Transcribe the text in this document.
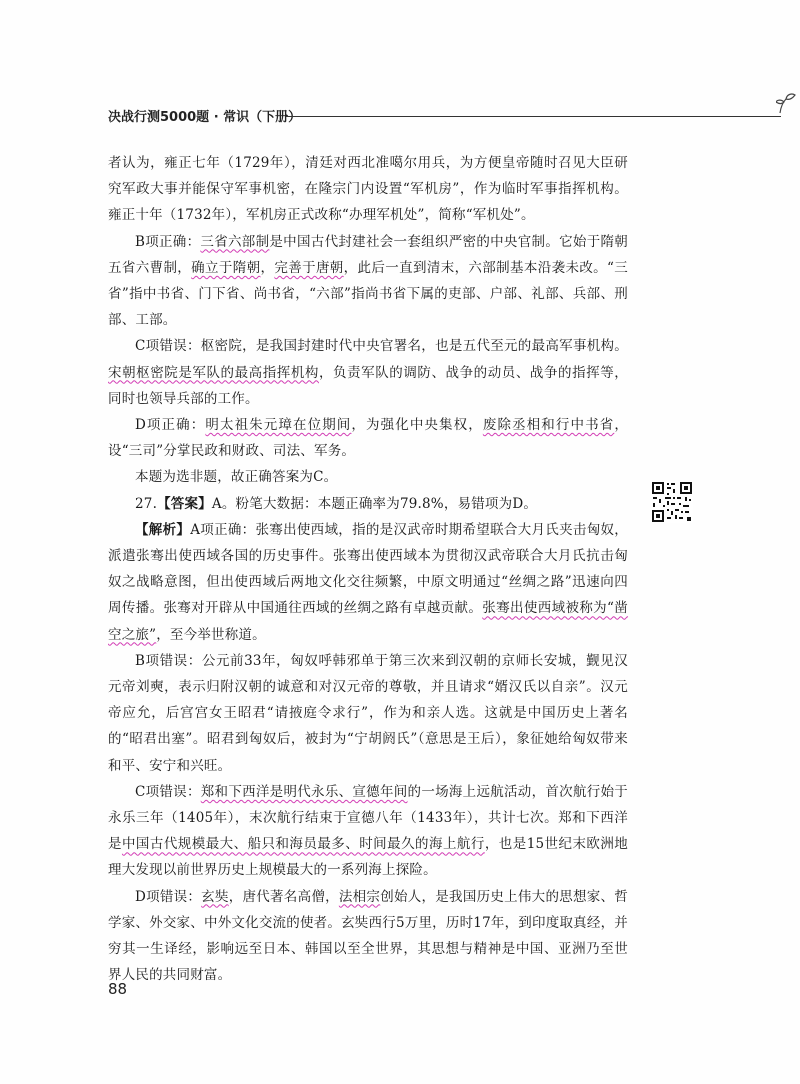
决战行测5000题 · 常识（下册）

者认为，雍正七年（1729年），清廷对西北准噶尔用兵，为方便皇帝随时召见大臣研究军政大事并能保守军事机密，在隆宗门内设置“军机房”，作为临时军事指挥机构。雍正十年（1732年），军机房正式改称“办理军机处”，简称“军机处”。

B项正确：三省六部制是中国古代封建社会一套组织严密的中央官制。它始于隋朝五省六曹制，确立于隋朝，完善于唐朝，此后一直到清末，六部制基本沿袭未改。“三省”指中书省、门下省、尚书省，“六部”指尚书省下属的吏部、户部、礼部、兵部、刑部、工部。

C项错误：枢密院，是我国封建时代中央官署名，也是五代至元的最高军事机构。宋朝枢密院是军队的最高指挥机构，负责军队的调防、战争的动员、战争的指挥等，同时也领导兵部的工作。

D项正确：明太祖朱元璋在位期间，为强化中央集权，废除丞相和行中书省，设“三司”分掌民政和财政、司法、军务。

本题为选非题，故正确答案为C。

27.【答案】A。粉笔大数据：本题正确率为79.8%，易错项为D。

【解析】A项正确：张骞出使西域，指的是汉武帝时期希望联合大月氏夹击匈奴，派遣张骞出使西域各国的历史事件。张骞出使西域本为贯彻汉武帝联合大月氏抗击匈奴之战略意图，但出使西域后两地文化交往频繁，中原文明通过“丝绸之路”迅速向四周传播。张骞对开辟从中国通往西域的丝绸之路有卓越贡献。张骞出使西域被称为“凿空之旅”，至今举世称道。

B项错误：公元前33年，匈奴呼韩邪单于第三次来到汉朝的京师长安城，觐见汉元帝刘奭，表示归附汉朝的诚意和对汉元帝的尊敬，并且请求“婿汉氏以自亲”。汉元帝应允，后宫宫女王昭君“请掖庭令求行”，作为和亲人选。这就是中国历史上著名的“昭君出塞”。昭君到匈奴后，被封为“宁胡阏氏”（意思是王后），象征她给匈奴带来和平、安宁和兴旺。

C项错误：郑和下西洋是明代永乐、宣德年间的一场海上远航活动，首次航行始于永乐三年（1405年），末次航行结束于宣德八年（1433年），共计七次。郑和下西洋是中国古代规模最大、船只和海员最多、时间最久的海上航行，也是15世纪末欧洲地理大发现以前世界历史上规模最大的一系列海上探险。

D项错误：玄奘，唐代著名高僧，法相宗创始人，是我国历史上伟大的思想家、哲学家、外交家、中外文化交流的使者。玄奘西行5万里，历时17年，到印度取真经，并穷其一生译经，影响远至日本、韩国以至全世界，其思想与精神是中国、亚洲乃至世界人民的共同财富。

88
